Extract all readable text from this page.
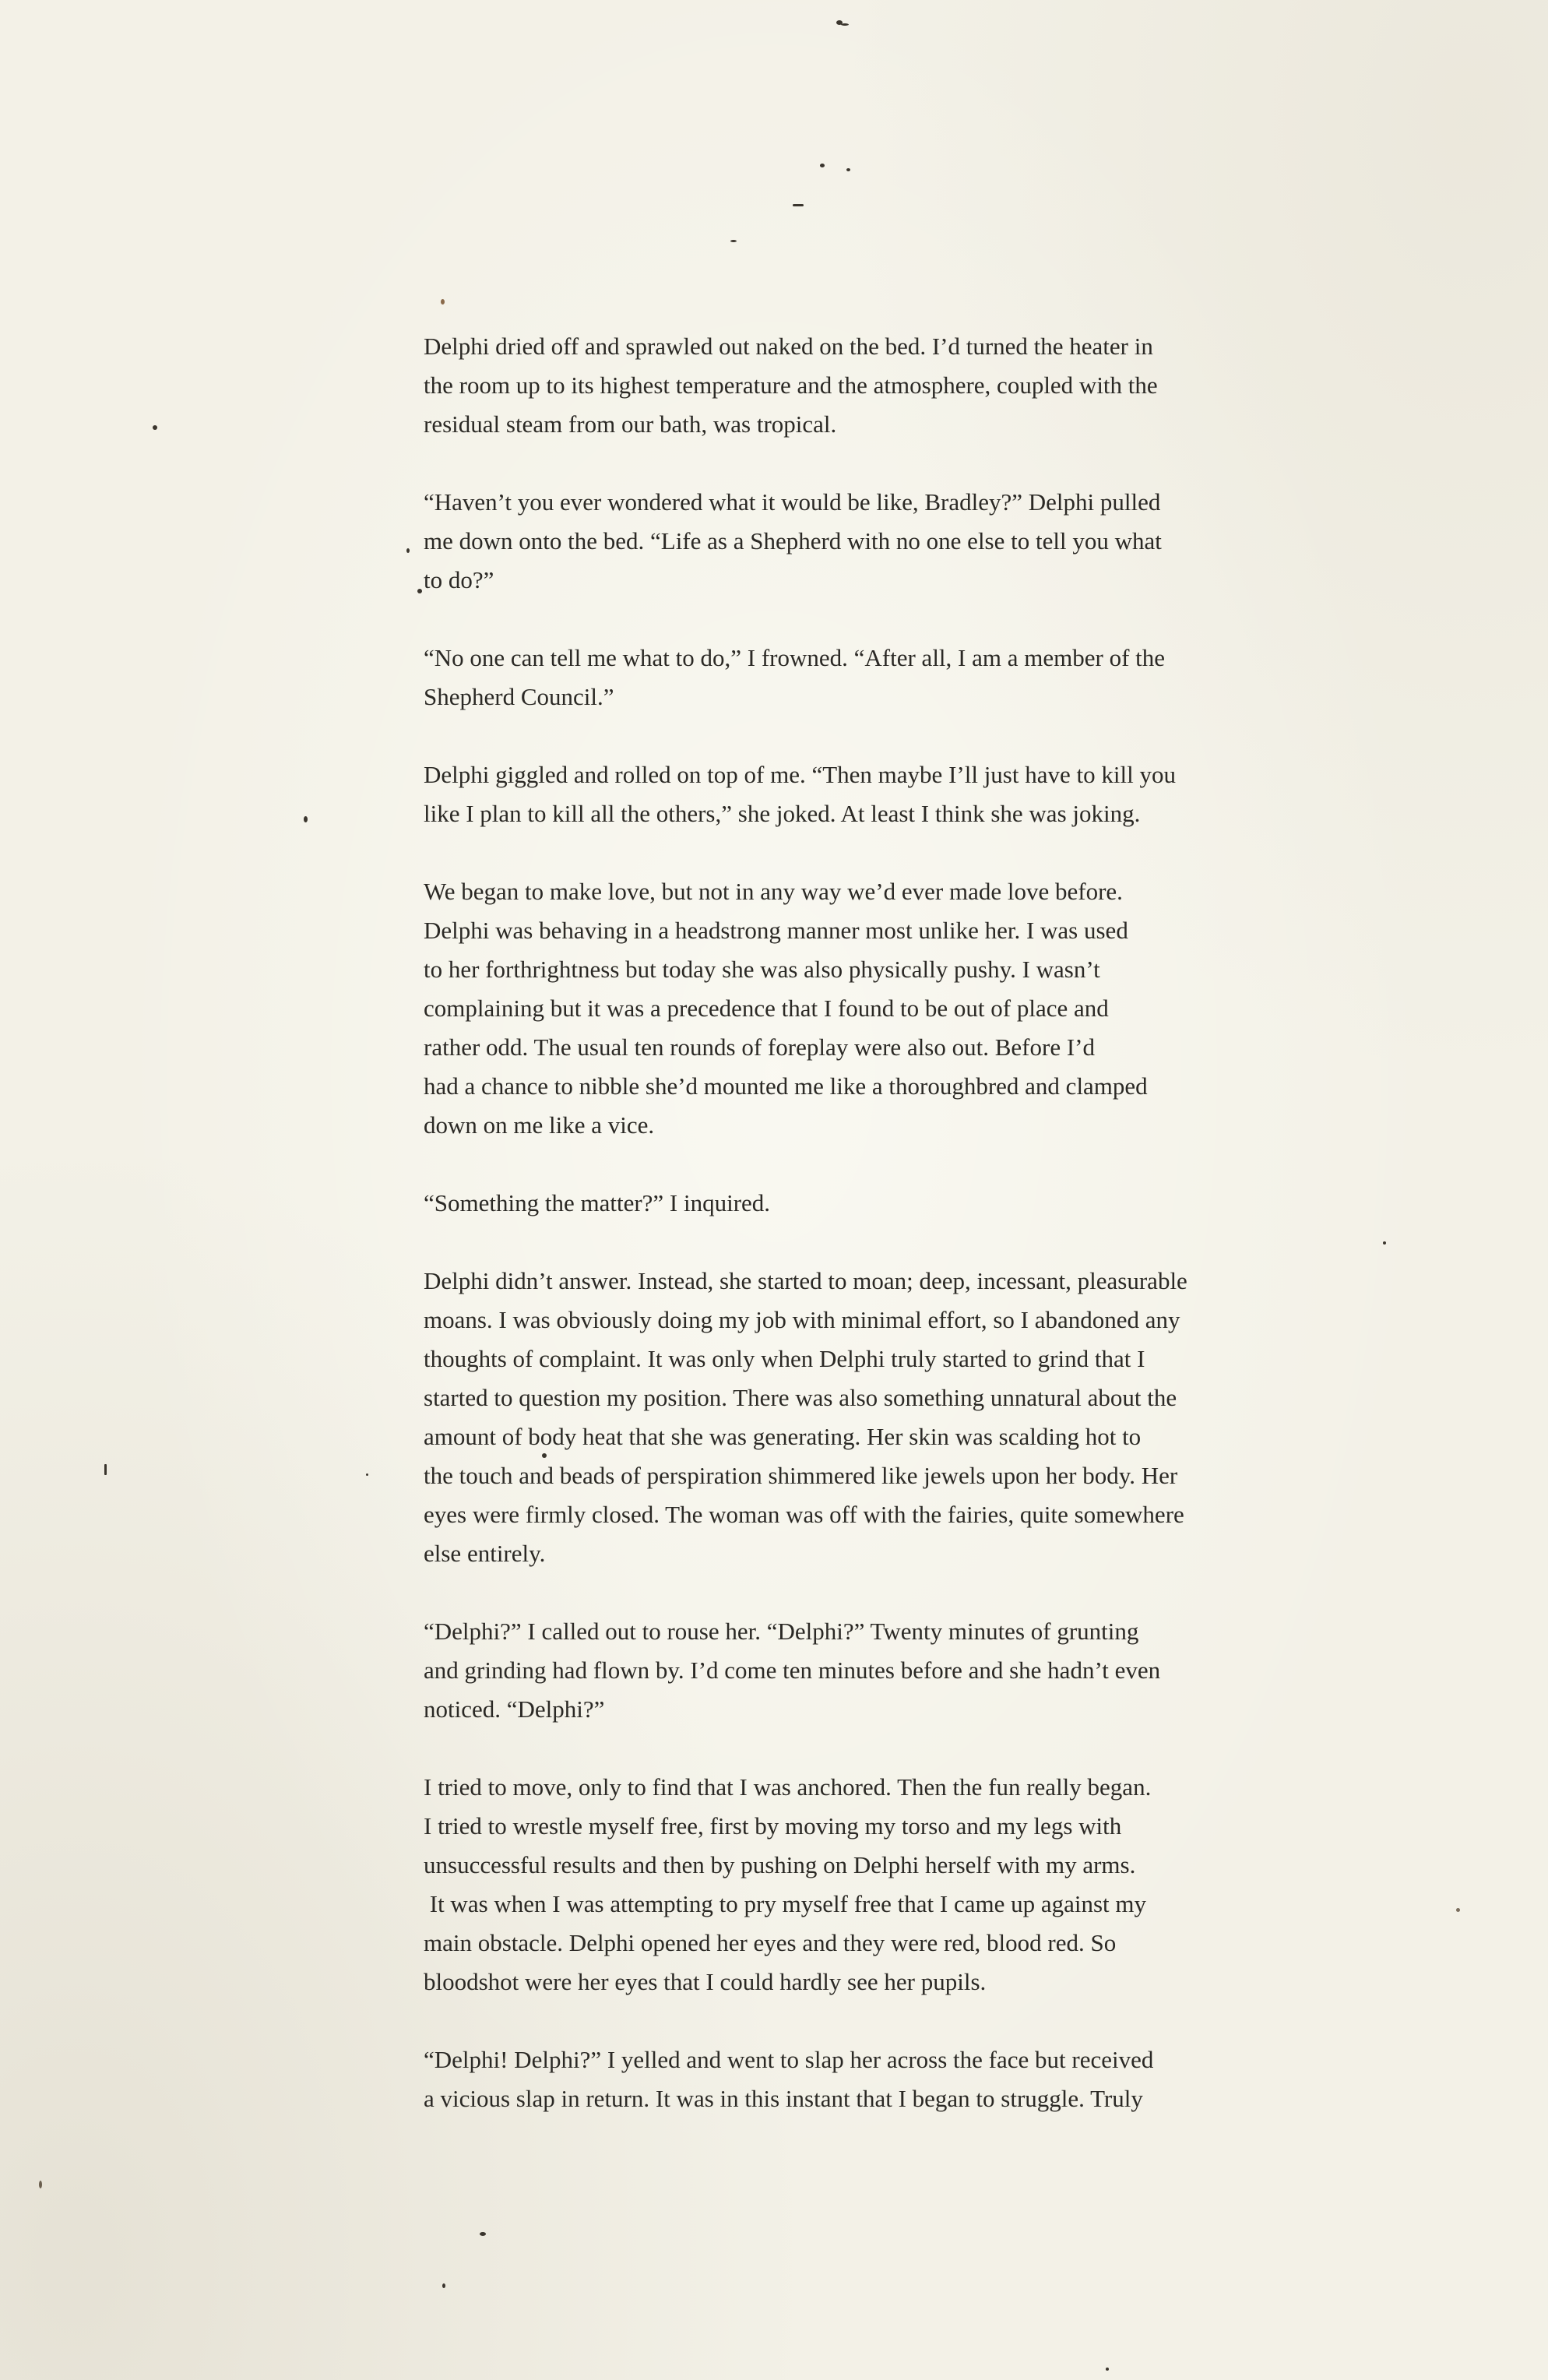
Delphi dried off and sprawled out naked on the bed. I’d turned the heater in
the room up to its highest temperature and the atmosphere, coupled with the
residual steam from our bath, was tropical.

“Haven’t you ever wondered what it would be like, Bradley?” Delphi pulled
me down onto the bed. “Life as a Shepherd with no one else to tell you what
to do?”

“No one can tell me what to do,” I frowned. “After all, I am a member of the
Shepherd Council.”

Delphi giggled and rolled on top of me. “Then maybe I’ll just have to kill you
like I plan to kill all the others,” she joked. At least I think she was joking.

We began to make love, but not in any way we’d ever made love before.
Delphi was behaving in a headstrong manner most unlike her. I was used
to her forthrightness but today she was also physically pushy. I wasn’t
complaining but it was a precedence that I found to be out of place and
rather odd. The usual ten rounds of foreplay were also out. Before I’d
had a chance to nibble she’d mounted me like a thoroughbred and clamped
down on me like a vice.

“Something the matter?” I inquired.

Delphi didn’t answer. Instead, she started to moan; deep, incessant, pleasurable
moans. I was obviously doing my job with minimal effort, so I abandoned any
thoughts of complaint. It was only when Delphi truly started to grind that I
started to question my position. There was also something unnatural about the
amount of body heat that she was generating. Her skin was scalding hot to
the touch and beads of perspiration shimmered like jewels upon her body. Her
eyes were firmly closed. The woman was off with the fairies, quite somewhere
else entirely.

“Delphi?” I called out to rouse her. “Delphi?” Twenty minutes of grunting
and grinding had flown by. I’d come ten minutes before and she hadn’t even
noticed. “Delphi?”

I tried to move, only to find that I was anchored. Then the fun really began.
I tried to wrestle myself free, first by moving my torso and my legs with
unsuccessful results and then by pushing on Delphi herself with my arms.
It was when I was attempting to pry myself free that I came up against my
main obstacle. Delphi opened her eyes and they were red, blood red. So
bloodshot were her eyes that I could hardly see her pupils.

“Delphi! Delphi?” I yelled and went to slap her across the face but received
a vicious slap in return. It was in this instant that I began to struggle. Truly
